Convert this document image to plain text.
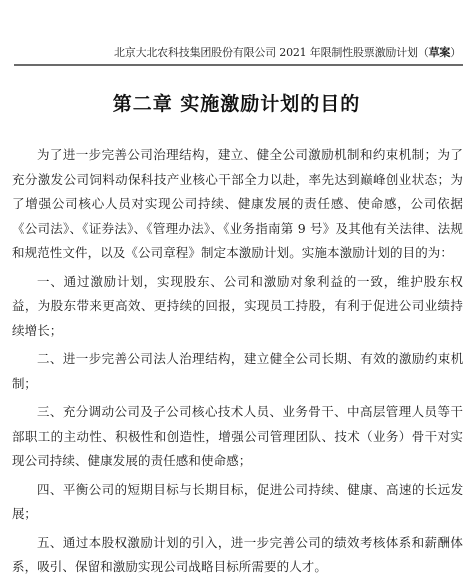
北京大北农科技集团股份有限公司 2021 年限制性股票激励计划（草案）
第二章 实施激励计划的目的

为了进一步完善公司治理结构，建立、健全公司激励机制和约束机制；为了充分激发公司饲料动保科技产业核心干部全力以赴，率先达到巅峰创业状态；为了增强公司核心人员对实现公司持续、健康发展的责任感、使命感，公司依据《公司法》、《证券法》、《管理办法》、《业务指南第 9 号》及其他有关法律、法规和规范性文件，以及《公司章程》制定本激励计划。实施本激励计划的目的为：

一、通过激励计划，实现股东、公司和激励对象利益的一致，维护股东权益，为股东带来更高效、更持续的回报，实现员工持股，有利于促进公司业绩持续增长；

二、进一步完善公司法人治理结构，建立健全公司长期、有效的激励约束机制；

三、充分调动公司及子公司核心技术人员、业务骨干、中高层管理人员等干部职工的主动性、积极性和创造性，增强公司管理团队、技术（业务）骨干对实现公司持续、健康发展的责任感和使命感；

四、平衡公司的短期目标与长期目标，促进公司持续、健康、高速的长远发展；

五、通过本股权激励计划的引入，进一步完善公司的绩效考核体系和薪酬体系，吸引、保留和激励实现公司战略目标所需要的人才。
